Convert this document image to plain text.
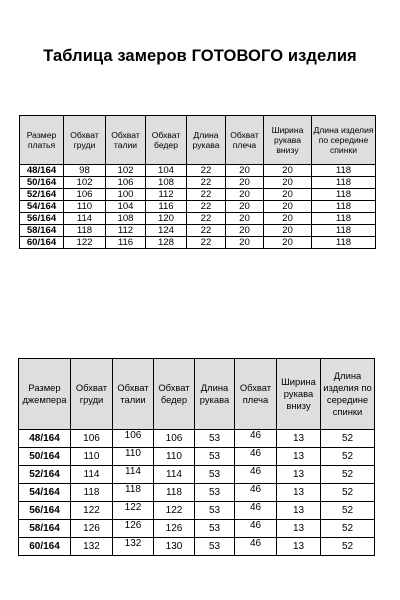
Таблица замеров ГОТОВОГО изделия
Размер платья	Обхват груди	Обхват талии	Обхват бедер	Длина рукава	Обхват плеча	Ширина рукава внизу	Длина изделия по середине спинки
48/164	98	102	104	22	20	20	118
50/164	102	106	108	22	20	20	118
52/164	106	100	112	22	20	20	118
54/164	110	104	116	22	20	20	118
56/164	114	108	120	22	20	20	118
58/164	118	112	124	22	20	20	118
60/164	122	116	128	22	20	20	118
Размер джемпера	Обхват груди	Обхват талии	Обхват бедер	Длина рукава	Обхват плеча	Ширина рукава внизу	Длина изделия по середине спинки
48/164	106	106	106	53	46	13	52
50/164	110	110	110	53	46	13	52
52/164	114	114	114	53	46	13	52
54/164	118	118	118	53	46	13	52
56/164	122	122	122	53	46	13	52
58/164	126	126	126	53	46	13	52
60/164	132	132	130	53	46	13	52
